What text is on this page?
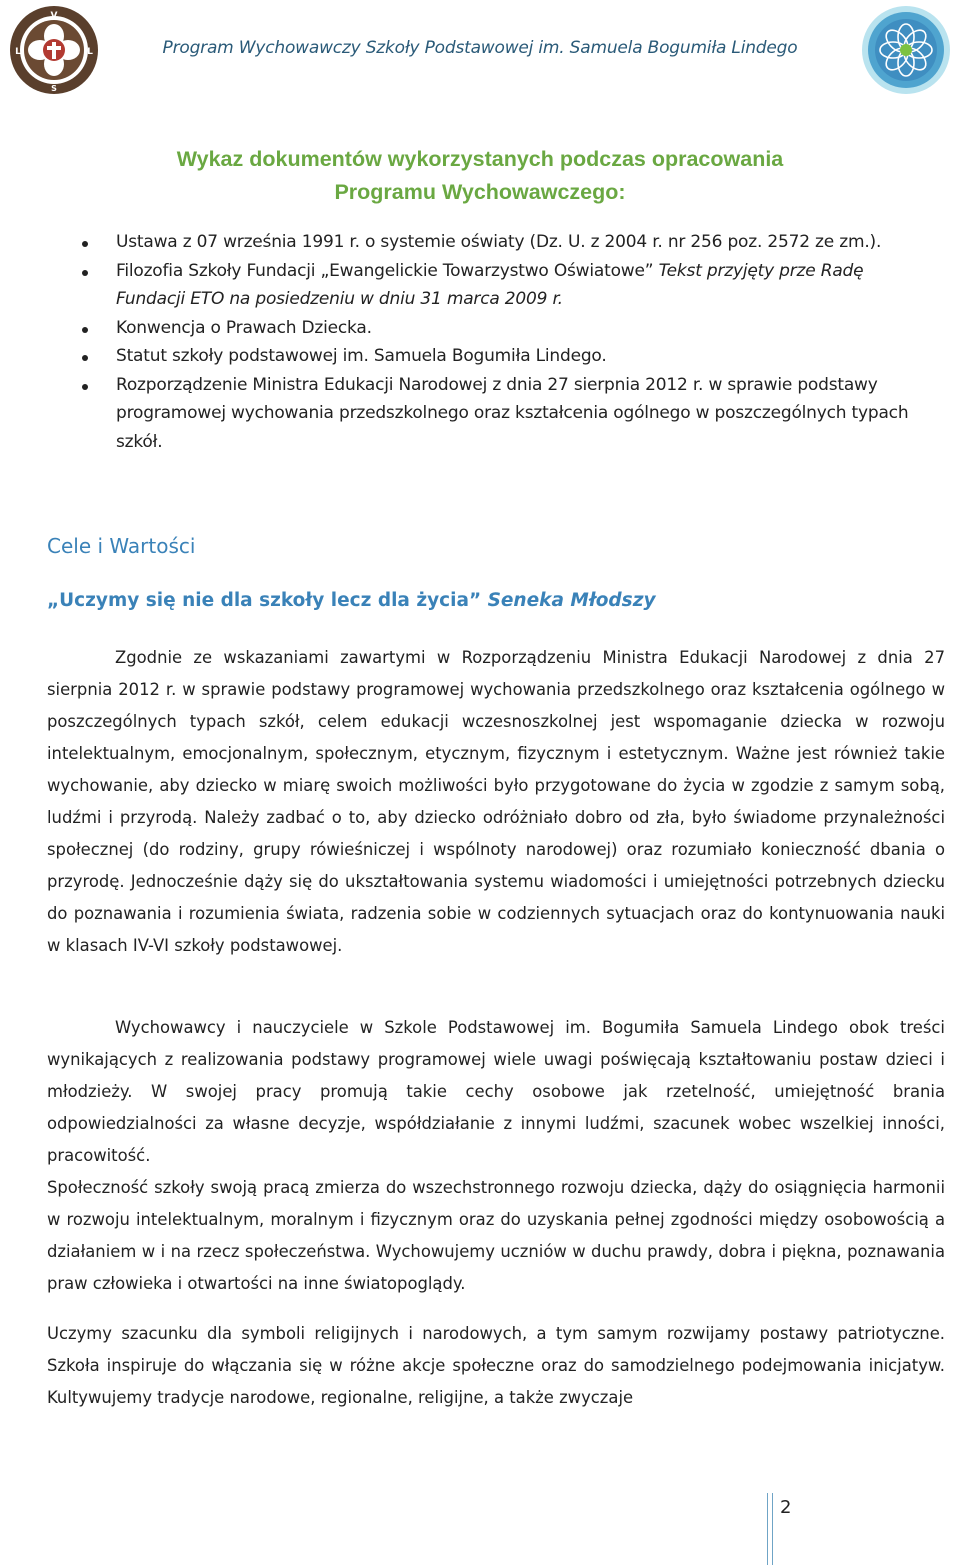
V
L	L
S
Program Wychowawczy Szkoły Podstawowej im. Samuela Bogumiła Lindego
Wykaz dokumentów wykorzystanych podczas opracowania
Programu Wychowawczego:
Ustawa z 07 września 1991 r. o systemie oświaty (Dz. U. z 2004 r. nr 256 poz. 2572 ze zm.).
Filozofia Szkoły Fundacji „Ewangelickie Towarzystwo Oświatowe” Tekst przyjęty prze Radę Fundacji ETO na posiedzeniu w dniu 31 marca 2009 r.
Konwencja o Prawach Dziecka.
Statut szkoły podstawowej im. Samuela Bogumiła Lindego.
Rozporządzenie Ministra Edukacji Narodowej z dnia 27 sierpnia 2012 r. w sprawie podstawy programowej wychowania przedszkolnego oraz kształcenia ogólnego w poszczególnych typach szkół.
Cele i Wartości
„Uczymy się nie dla szkoły lecz dla życia” Seneka Młodszy

Zgodnie ze wskazaniami zawartymi w Rozporządzeniu Ministra Edukacji Narodowej z dnia 27 sierpnia 2012 r. w sprawie podstawy programowej wychowania przedszkolnego oraz kształcenia ogólnego w poszczególnych typach szkół, celem edukacji wczesnoszkolnej jest wspomaganie dziecka w rozwoju intelektualnym, emocjonalnym, społecznym, etycznym, fizycznym i estetycznym. Ważne jest również takie wychowanie, aby dziecko w miarę swoich możliwości było przygotowane do życia w zgodzie z samym sobą, ludźmi i przyrodą. Należy zadbać o to, aby dziecko odróżniało dobro od zła, było świadome przynależności społecznej (do rodziny, grupy rówieśniczej i wspólnoty narodowej) oraz rozumiało konieczność dbania o przyrodę. Jednocześnie dąży się do ukształtowania systemu wiadomości i umiejętności potrzebnych dziecku do poznawania i rozumienia świata, radzenia sobie w codziennych sytuacjach oraz do kontynuowania nauki w klasach IV-VI szkoły podstawowej.

Wychowawcy i nauczyciele w Szkole Podstawowej im. Bogumiła Samuela Lindego obok treści wynikających z realizowania podstawy programowej wiele uwagi poświęcają kształtowaniu postaw dzieci i młodzieży. W swojej pracy promują takie cechy osobowe jak rzetelność, umiejętność brania odpowiedzialności za własne decyzje, współdziałanie z innymi ludźmi, szacunek wobec wszelkiej inności, pracowitość.

Społeczność szkoły swoją pracą zmierza do wszechstronnego rozwoju dziecka, dąży do osiągnięcia harmonii w rozwoju intelektualnym, moralnym i fizycznym oraz do uzyskania pełnej zgodności między osobowością a działaniem w i na rzecz społeczeństwa. Wychowujemy uczniów w duchu prawdy, dobra i piękna, poznawania praw człowieka i otwartości na inne światopoglądy.

Uczymy szacunku dla symboli religijnych i narodowych, a tym samym rozwijamy postawy patriotyczne. Szkoła inspiruje do włączania się w różne akcje społeczne oraz do samodzielnego podejmowania inicjatyw. Kultywujemy tradycje narodowe, regionalne, religijne, a także zwyczaje

2
